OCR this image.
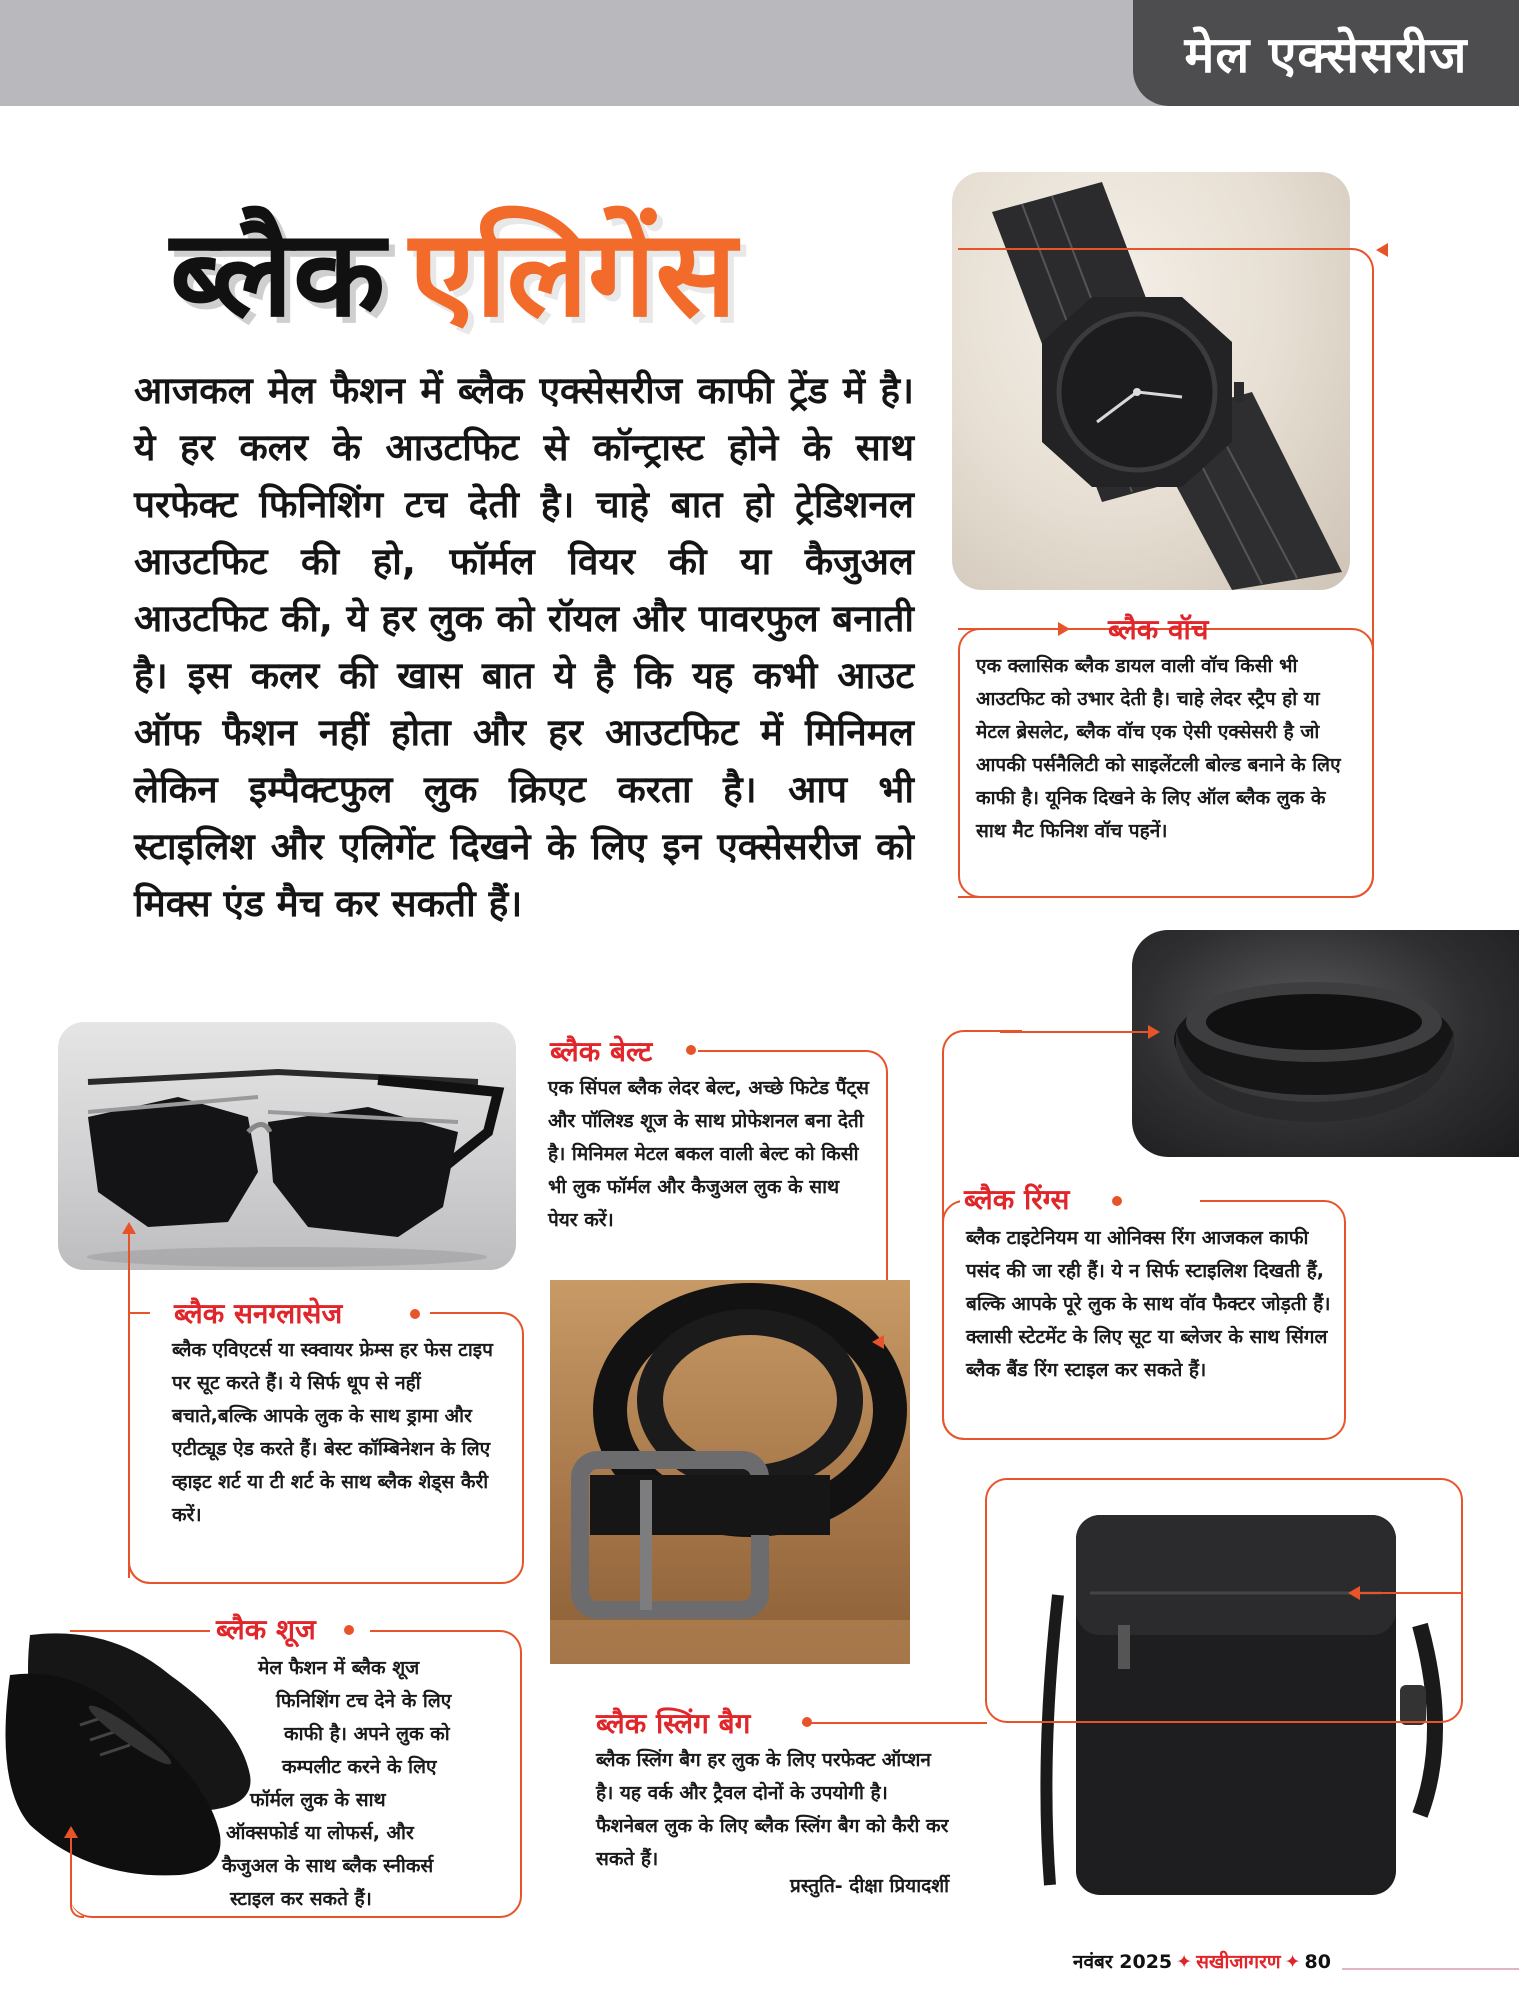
मेल एक्सेसरीज
ब्लैक एलिगेंस

आजकल मेल फैशन में ब्लैक एक्सेसरीज काफी ट्रेंड में है। ये हर कलर के आउटफिट से कॉन्ट्रास्ट होने के साथ परफेक्ट फिनिशिंग टच देती है। चाहे बात हो ट्रेडिशनल आउटफिट की हो, फॉर्मल वियर की या कैजुअल आउटफिट की, ये हर लुक को रॉयल और पावरफुल बनाती है। इस कलर की खास बात ये है कि यह कभी आउट ऑफ फैशन नहीं होता और हर आउटफिट में मिनिमल लेकिन इम्पैक्टफुल लुक क्रिएट करता है। आप भी स्टाइलिश और एलिगेंट दिखने के लिए इन एक्सेसरीज को मिक्स एंड मैच कर सकती हैं।

ब्लैक वॉच

एक क्लासिक ब्लैक डायल वाली वॉच किसी भी आउटफिट को उभार देती है। चाहे लेदर स्ट्रैप हो या मेटल ब्रेसलेट, ब्लैक वॉच एक ऐसी एक्सेसरी है जो आपकी पर्सनैलिटी को साइलेंटली बोल्ड बनाने के लिए काफी है। यूनिक दिखने के लिए ऑल ब्लैक लुक के साथ मैट फिनिश वॉच पहनें।

ब्लैक रिंग्स

ब्लैक टाइटेनियम या ओनिक्स रिंग आजकल काफी पसंद की जा रही हैं। ये न सिर्फ स्टाइलिश दिखती हैं, बल्कि आपके पूरे लुक के साथ वॉव फैक्टर जोड़ती हैं। क्लासी स्टेटमेंट के लिए सूट या ब्लेजर के साथ सिंगल ब्लैक बैंड रिंग स्टाइल कर सकते हैं।

ब्लैक सनग्लासेज

ब्लैक एविएटर्स या स्क्वायर फ्रेम्स हर फेस टाइप पर सूट करते हैं। ये सिर्फ धूप से नहीं बचाते,बल्कि आपके लुक के साथ ड्रामा और एटीट्यूड ऐड करते हैं। बेस्ट कॉम्बिनेशन के लिए व्हाइट शर्ट या टी शर्ट के साथ ब्लैक शेड्स कैरी करें।

ब्लैक बेल्ट

एक सिंपल ब्लैक लेदर बेल्ट, अच्छे फिटेड पैंट्स और पॉलिश्ड शूज के साथ प्रोफेशनल बना देती है। मिनिमल मेटल बकल वाली बेल्ट को किसी भी लुक फॉर्मल और कैजुअल लुक के साथ पेयर करें।

ब्लैक स्लिंग बैग

ब्लैक स्लिंग बैग हर लुक के लिए परफेक्ट ऑप्शन है। यह वर्क और ट्रैवल दोनों के उपयोगी है। फैशनेबल लुक के लिए ब्लैक स्लिंग बैग को कैरी कर सकते हैं।

प्रस्तुति- दीक्षा प्रियादर्शी
ब्लैक शूज
मेल फैशन में ब्लैक शूज
फिनिशिंग टच देने के लिए
काफी है। अपने लुक को
कम्पलीट करने के लिए
फॉर्मल लुक के साथ
ऑक्सफोर्ड या लोफर्स, और
कैजुअल के साथ ब्लैक स्नीकर्स
स्टाइल कर सकते हैं।
नवंबर 2025 ✦ सखीजागरण ✦ 80
